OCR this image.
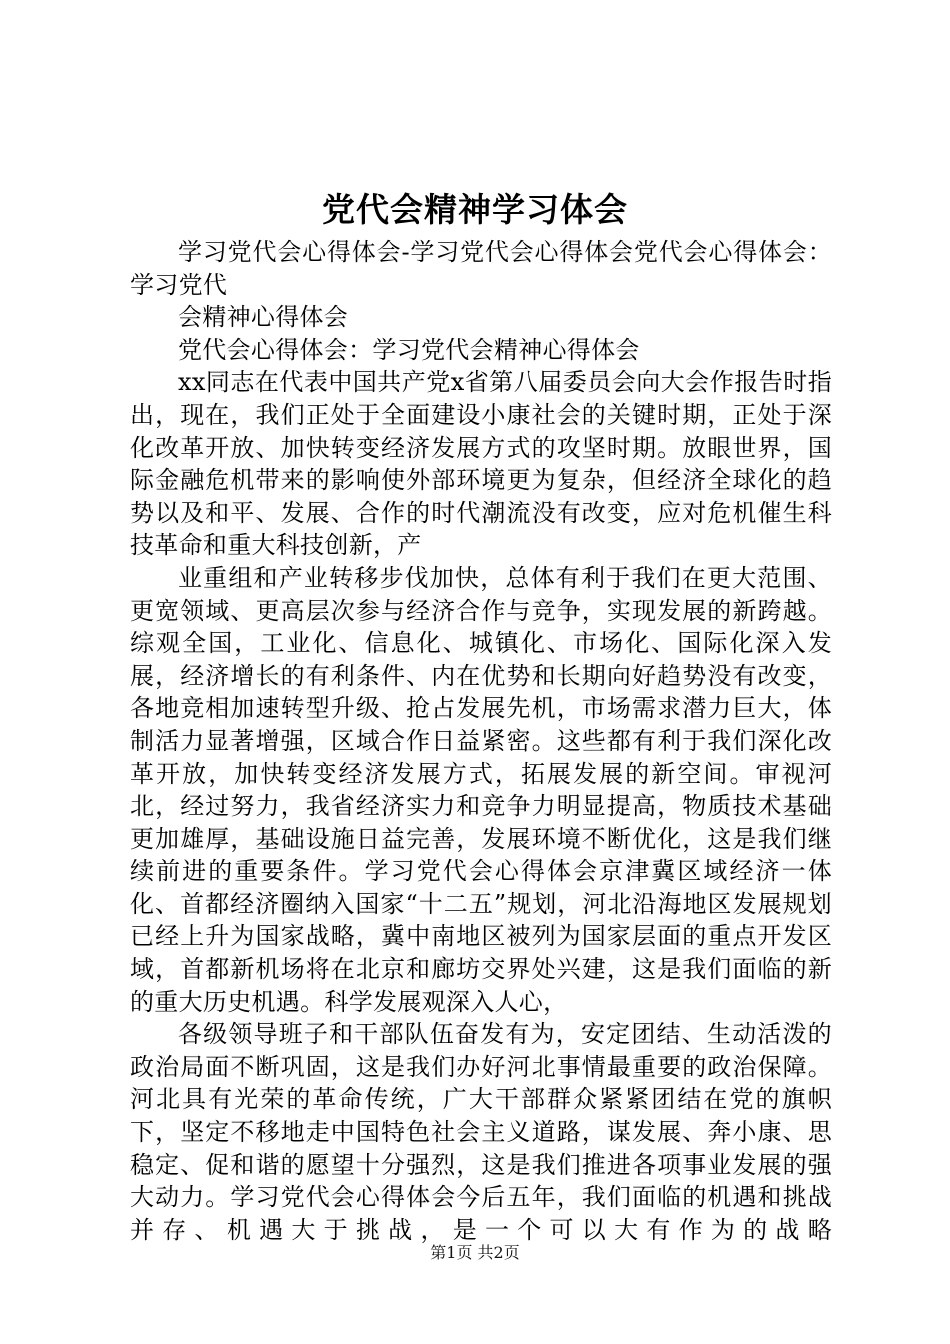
党代会精神学习体会

学习党代会心得体会-学习党代会心得体会党代会心得体会：学习党代

会精神心得体会

党代会心得体会：学习党代会精神心得体会

xx同志在代表中国共产党x省第八届委员会向大会作报告时指出，现在，我们正处于全面建设小康社会的关键时期，正处于深化改革开放、加快转变经济发展方式的攻坚时期。放眼世界，国际金融危机带来的影响使外部环境更为复杂，但经济全球化的趋势以及和平、发展、合作的时代潮流没有改变，应对危机催生科技革命和重大科技创新，产

业重组和产业转移步伐加快，总体有利于我们在更大范围、更宽领域、更高层次参与经济合作与竞争，实现发展的新跨越。综观全国，工业化、信息化、城镇化、市场化、国际化深入发展，经济增长的有利条件、内在优势和长期向好趋势没有改变，各地竞相加速转型升级、抢占发展先机，市场需求潜力巨大，体制活力显著增强，区域合作日益紧密。这些都有利于我们深化改革开放，加快转变经济发展方式，拓展发展的新空间。审视河北，经过努力，我省经济实力和竞争力明显提高，物质技术基础更加雄厚，基础设施日益完善，发展环境不断优化，这是我们继续前进的重要条件。学习党代会心得体会京津冀区域经济一体化、首都经济圈纳入国家“十二五”规划，河北沿海地区发展规划已经上升为国家战略，冀中南地区被列为国家层面的重点开发区域，首都新机场将在北京和廊坊交界处兴建，这是我们面临的新的重大历史机遇。科学发展观深入人心，

各级领导班子和干部队伍奋发有为，安定团结、生动活泼的政治局面不断巩固，这是我们办好河北事情最重要的政治保障。河北具有光荣的革命传统，广大干部群众紧紧团结在党的旗帜下，坚定不移地走中国特色社会主义道路，谋发展、奔小康、思稳定、促和谐的愿望十分强烈，这是我们推进各项事业发展的强大动力。学习党代会心得体会今后五年，我们面临的机遇和挑战并存、机遇大于挑战，是一个可以大有作为的战略

第1页 共2页
